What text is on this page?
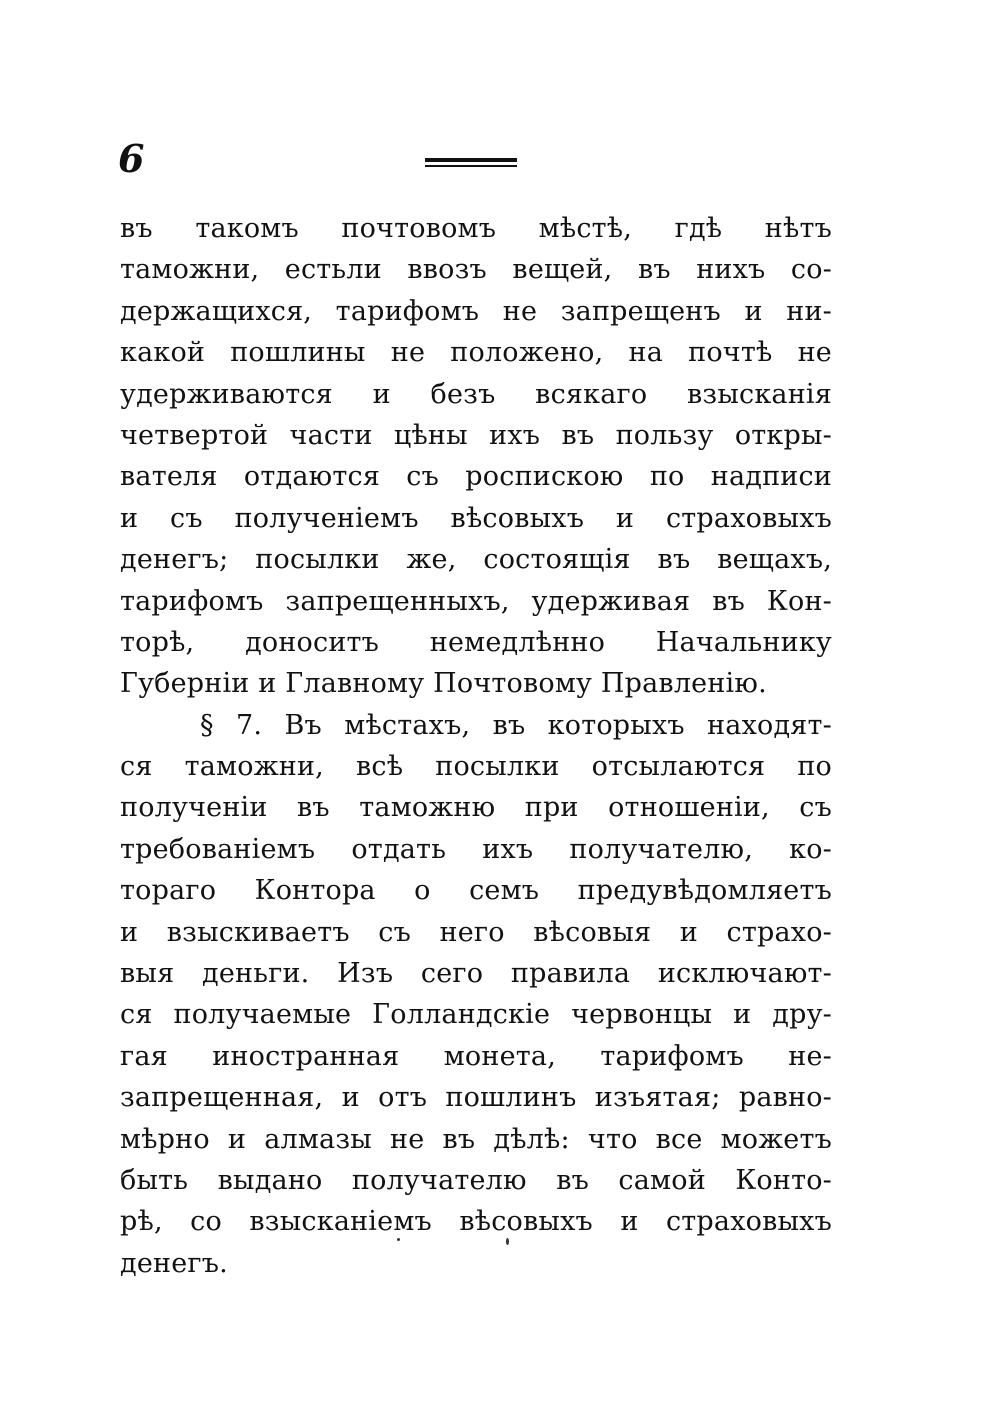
6
въ такомъ почтовомъ мѣстѣ, гдѣ нѣтъ
таможни, естьли ввозъ вещей, въ нихъ со-
держащихся, тарифомъ не запрещенъ и ни-
какой пошлины не положено, на почтѣ не
удерживаются и безъ всякаго взысканія
четвертой части цѣны ихъ въ пользу откры-
вателя отдаются съ роспискою по надписи
и съ полученіемъ вѣсовыхъ и страховыхъ
денегъ; посылки же, состоящія въ вещахъ,
тарифомъ запрещенныхъ, удерживая въ Кон-
торѣ, доноситъ немедлѣнно Начальнику
Губерніи и Главному Почтовому Правленію.
§ 7. Въ мѣстахъ, въ которыхъ находят-
ся таможни, всѣ посылки отсылаются по
полученіи въ таможню при отношеніи, съ
требованіемъ отдать ихъ получателю, ко-
тораго Контора о семъ предувѣдомляетъ
и взыскиваетъ съ него вѣсовыя и страхо-
выя деньги. Изъ сего правила исключают-
ся получаемые Голландскіе червонцы и дру-
гая иностранная монета, тарифомъ не-
запрещенная, и отъ пошлинъ изъятая; равно-
мѣрно и алмазы не въ дѣлѣ: что все можетъ
быть выдано получателю въ самой Конто-
рѣ, со взысканіемъ вѣсовыхъ и страховыхъ
денегъ.
